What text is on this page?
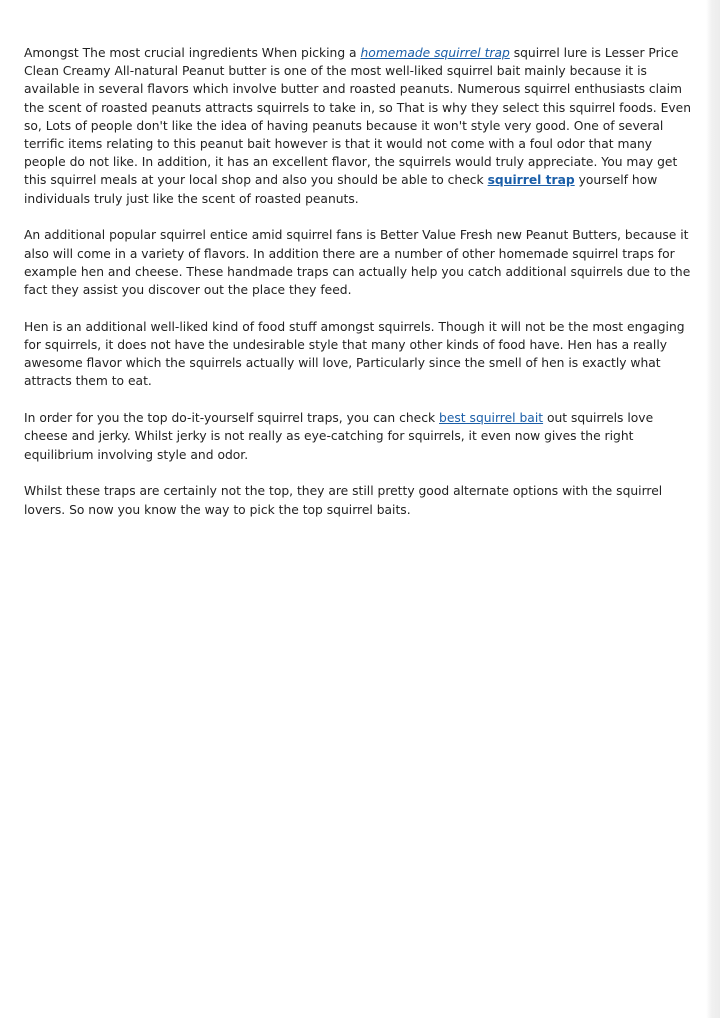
Amongst The most crucial ingredients When picking a homemade squirrel trap squirrel lure is Lesser Price Clean Creamy All-natural Peanut butter is one of the most well-liked squirrel bait mainly because it is available in several flavors which involve butter and roasted peanuts. Numerous squirrel enthusiasts claim the scent of roasted peanuts attracts squirrels to take in, so That is why they select this squirrel foods. Even so, Lots of people don't like the idea of having peanuts because it won't style very good. One of several terrific items relating to this peanut bait however is that it would not come with a foul odor that many people do not like. In addition, it has an excellent flavor, the squirrels would truly appreciate. You may get this squirrel meals at your local shop and also you should be able to check squirrel trap yourself how individuals truly just like the scent of roasted peanuts.

An additional popular squirrel entice amid squirrel fans is Better Value Fresh new Peanut Butters, because it also will come in a variety of flavors. In addition there are a number of other homemade squirrel traps for example hen and cheese. These handmade traps can actually help you catch additional squirrels due to the fact they assist you discover out the place they feed.

Hen is an additional well-liked kind of food stuff amongst squirrels. Though it will not be the most engaging for squirrels, it does not have the undesirable style that many other kinds of food have. Hen has a really awesome flavor which the squirrels actually will love, Particularly since the smell of hen is exactly what attracts them to eat.

In order for you the top do-it-yourself squirrel traps, you can check best squirrel bait out squirrels love cheese and jerky. Whilst jerky is not really as eye-catching for squirrels, it even now gives the right equilibrium involving style and odor.

Whilst these traps are certainly not the top, they are still pretty good alternate options with the squirrel lovers. So now you know the way to pick the top squirrel baits.
